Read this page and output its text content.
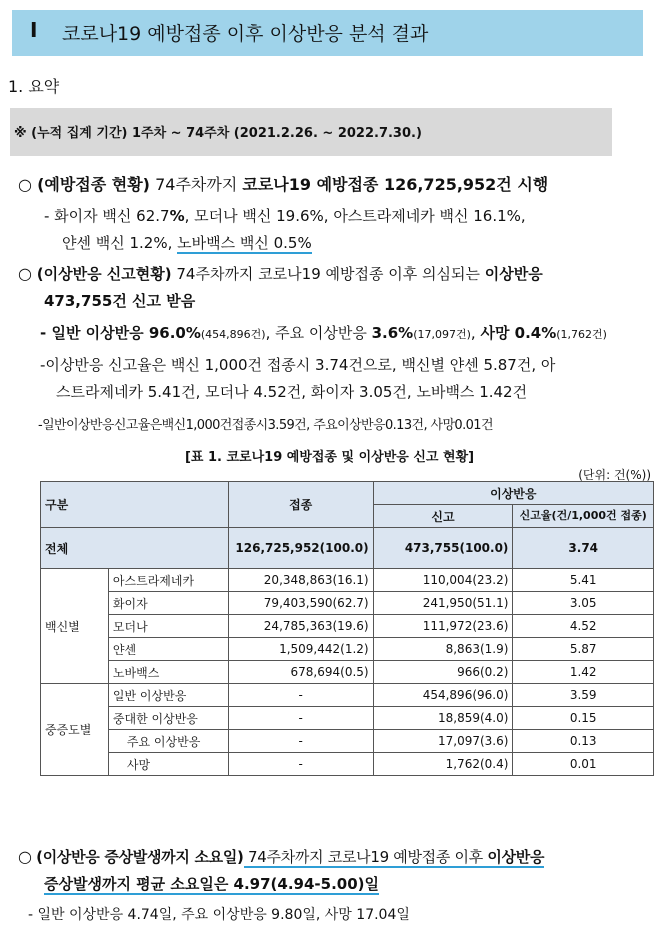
Ⅰ 코로나19 예방접종 이후 이상반응 분석 결과
1. 요약
※ (누적 집계 기간) 1주차 ~ 74주차 (2021.2.26. ~ 2022.7.30.)
○ (예방접종 현황) 74주차까지 코로나19 예방접종 126,725,952건 시행
- 화이자 백신 62.7%, 모더나 백신 19.6%, 아스트라제네카 백신 16.1%,
얀센 백신 1.2%, 노바백스 백신 0.5%
○ (이상반응 신고현황) 74주차까지 코로나19 예방접종 이후 의심되는 이상반응
473,755건 신고 받음
- 일반 이상반응 96.0%(454,896건), 주요 이상반응 3.6%(17,097건), 사망 0.4%(1,762건)
-이상반응 신고율은 백신 1,000건 접종시 3.74건으로, 백신별 얀센 5.87건, 아
스트라제네카 5.41건, 모더나 4.52건, 화이자 3.05건, 노바백스 1.42건
-일반이상반응신고율은백신1,000건접종시3.59건, 주요이상반응0.13건, 사망0.01건
[표 1. 코로나19 예방접종 및 이상반응 신고 현황]
(단위: 건(%))
구분		접종	이상반응	
			신고	신고율(건/1,000건 접종)
전체		126,725,952(100.0)	473,755(100.0)	3.74
백신별	아스트라제네카	20,348,863(16.1)	110,004(23.2)	5.41
	화이자	79,403,590(62.7)	241,950(51.1)	3.05
	모더나	24,785,363(19.6)	111,972(23.6)	4.52
	얀센	1,509,442(1.2)	8,863(1.9)	5.87
	노바백스	678,694(0.5)	966(0.2)	1.42
중증도별	일반 이상반응	-	454,896(96.0)	3.59
	중대한 이상반응	-	18,859(4.0)	0.15
	주요 이상반응	-	17,097(3.6)	0.13
	사망	-	1,762(0.4)	0.01
○ (이상반응 증상발생까지 소요일) 74주차까지 코로나19 예방접종 이후 이상반응
증상발생까지 평균 소요일은 4.97(4.94-5.00)일
- 일반 이상반응 4.74일, 주요 이상반응 9.80일, 사망 17.04일
